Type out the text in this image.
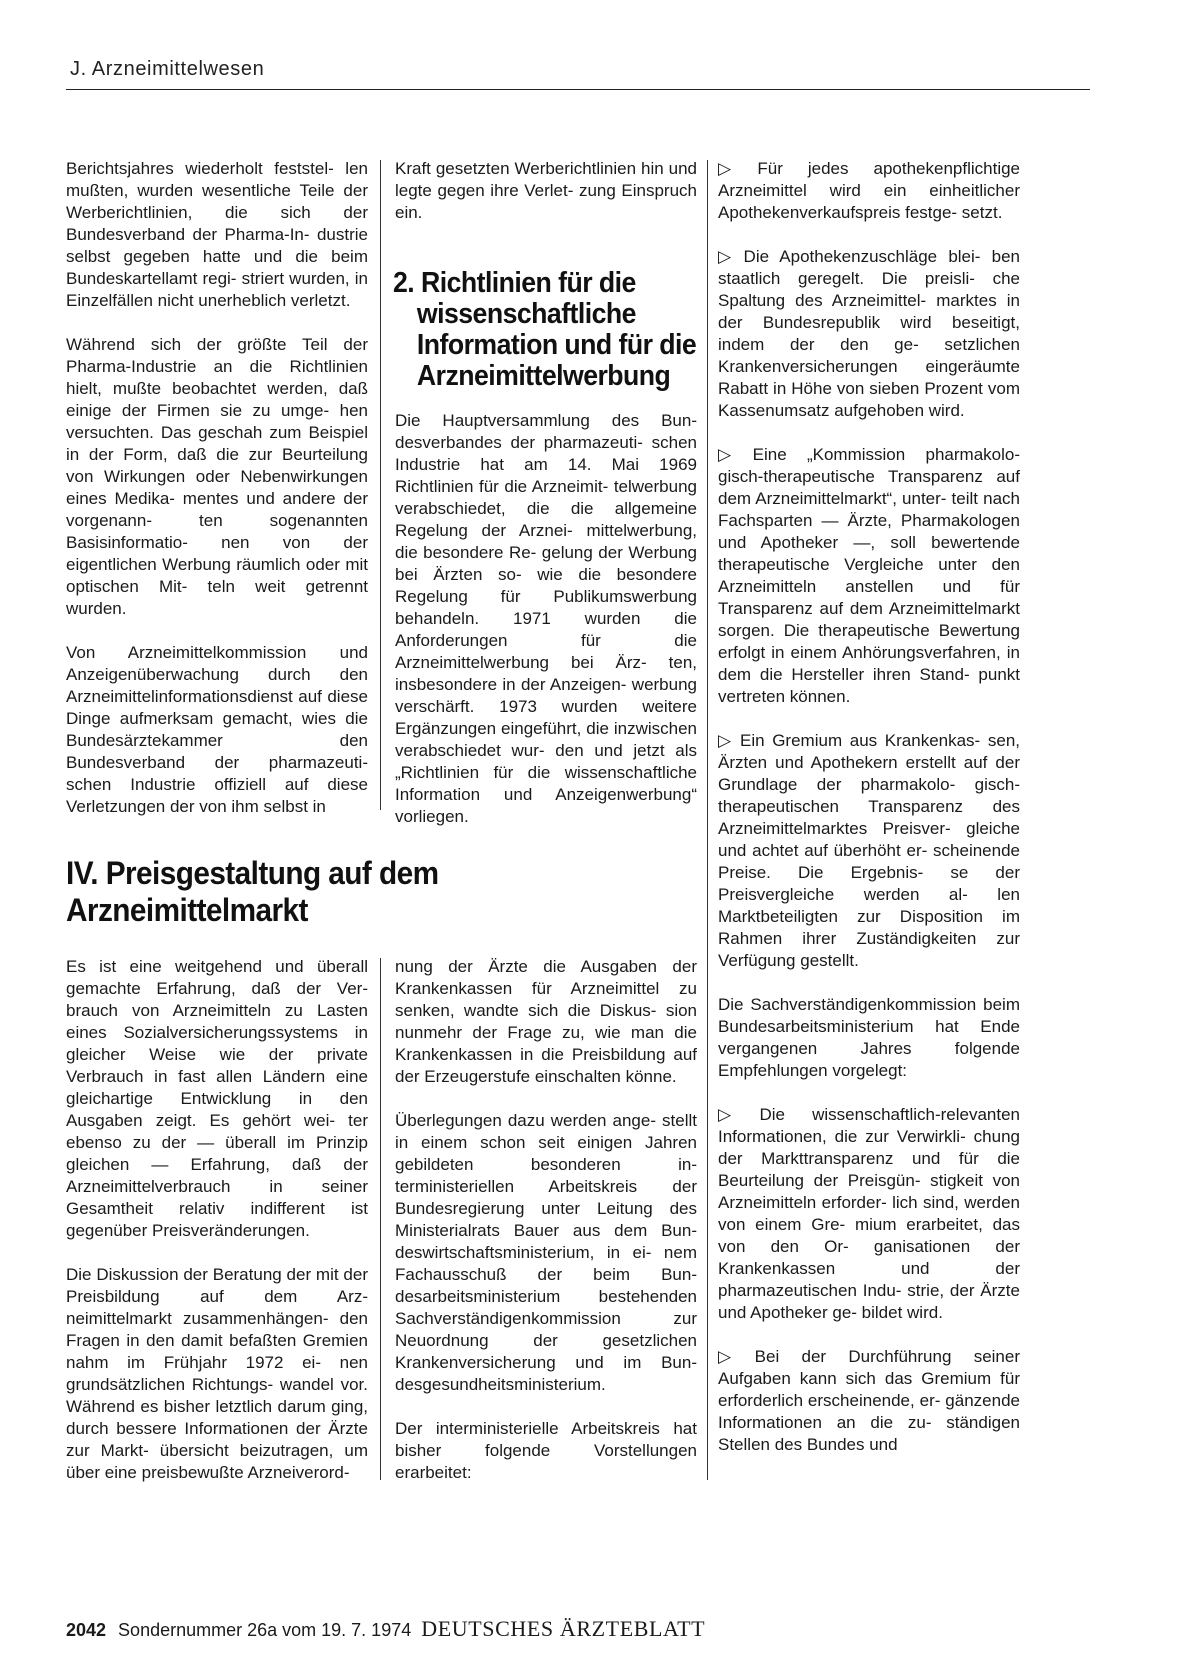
J. Arzneimittelwesen

Berichtsjahres wiederholt feststel- len mußten, wurden wesentliche Teile der Werberichtlinien, die sich der Bundesverband der Pharma-In- dustrie selbst gegeben hatte und die beim Bundeskartellamt regi- striert wurden, in Einzelfällen nicht unerheblich verletzt.

Während sich der größte Teil der Pharma-Industrie an die Richtlinien hielt, mußte beobachtet werden, daß einige der Firmen sie zu umge- hen versuchten. Das geschah zum Beispiel in der Form, daß die zur Beurteilung von Wirkungen oder Nebenwirkungen eines Medika- mentes und andere der vorgenann- ten sogenannten Basisinformatio- nen von der eigentlichen Werbung räumlich oder mit optischen Mit- teln weit getrennt wurden.

Von Arzneimittelkommission und Anzeigenüberwachung durch den Arzneimittelinformationsdienst auf diese Dinge aufmerksam gemacht, wies die Bundesärztekammer den Bundesverband der pharmazeuti- schen Industrie offiziell auf diese Verletzungen der von ihm selbst in

Kraft gesetzten Werberichtlinien hin und legte gegen ihre Verlet- zung Einspruch ein.

2. Richtlinien für die
wissenschaftliche
Information und für die
Arzneimittelwerbung

Die Hauptversammlung des Bun- desverbandes der pharmazeuti- schen Industrie hat am 14. Mai 1969 Richtlinien für die Arzneimit- telwerbung verabschiedet, die die allgemeine Regelung der Arznei- mittelwerbung, die besondere Re- gelung der Werbung bei Ärzten so- wie die besondere Regelung für Publikumswerbung behandeln. 1971 wurden die Anforderungen für die Arzneimittelwerbung bei Ärz- ten, insbesondere in der Anzeigen- werbung verschärft. 1973 wurden weitere Ergänzungen eingeführt, die inzwischen verabschiedet wur- den und jetzt als „Richtlinien für die wissenschaftliche Information und Anzeigenwerbung“ vorliegen.

IV. Preisgestaltung auf dem
Arzneimittelmarkt

Es ist eine weitgehend und überall gemachte Erfahrung, daß der Ver- brauch von Arzneimitteln zu Lasten eines Sozialversicherungssystems in gleicher Weise wie der private Verbrauch in fast allen Ländern eine gleichartige Entwicklung in den Ausgaben zeigt. Es gehört wei- ter ebenso zu der — überall im Prinzip gleichen — Erfahrung, daß der Arzneimittelverbrauch in seiner Gesamtheit relativ indifferent ist gegenüber Preisveränderungen.

Die Diskussion der Beratung der mit der Preisbildung auf dem Arz- neimittelmarkt zusammenhängen- den Fragen in den damit befaßten Gremien nahm im Frühjahr 1972 ei- nen grundsätzlichen Richtungs- wandel vor. Während es bisher letztlich darum ging, durch bessere Informationen der Ärzte zur Markt- übersicht beizutragen, um über eine preisbewußte Arzneiverord-

nung der Ärzte die Ausgaben der Krankenkassen für Arzneimittel zu senken, wandte sich die Diskus- sion nunmehr der Frage zu, wie man die Krankenkassen in die Preisbildung auf der Erzeugerstufe einschalten könne.

Überlegungen dazu werden ange- stellt in einem schon seit einigen Jahren gebildeten besonderen in- terministeriellen Arbeitskreis der Bundesregierung unter Leitung des Ministerialrats Bauer aus dem Bun- deswirtschaftsministerium, in ei- nem Fachausschuß der beim Bun- desarbeitsministerium bestehenden Sachverständigenkommission zur Neuordnung der gesetzlichen Krankenversicherung und im Bun- desgesundheitsministerium.

Der interministerielle Arbeitskreis hat bisher folgende Vorstellungen erarbeitet:

▷ Für jedes apothekenpflichtige Arzneimittel wird ein einheitlicher Apothekenverkaufspreis festge- setzt.

▷ Die Apothekenzuschläge blei- ben staatlich geregelt. Die preisli- che Spaltung des Arzneimittel- marktes in der Bundesrepublik wird beseitigt, indem der den ge- setzlichen Krankenversicherungen eingeräumte Rabatt in Höhe von sieben Prozent vom Kassenumsatz aufgehoben wird.

▷ Eine „Kommission pharmakolo- gisch-therapeutische Transparenz auf dem Arzneimittelmarkt“, unter- teilt nach Fachsparten — Ärzte, Pharmakologen und Apotheker —, soll bewertende therapeutische Vergleiche unter den Arzneimitteln anstellen und für Transparenz auf dem Arzneimittelmarkt sorgen. Die therapeutische Bewertung erfolgt in einem Anhörungsverfahren, in dem die Hersteller ihren Stand- punkt vertreten können.

▷ Ein Gremium aus Krankenkas- sen, Ärzten und Apothekern erstellt auf der Grundlage der pharmakolo- gisch-therapeutischen Transparenz des Arzneimittelmarktes Preisver- gleiche und achtet auf überhöht er- scheinende Preise. Die Ergebnis- se der Preisvergleiche werden al- len Marktbeteiligten zur Disposition im Rahmen ihrer Zuständigkeiten zur Verfügung gestellt.

Die Sachverständigenkommission beim Bundesarbeitsministerium hat Ende vergangenen Jahres folgende Empfehlungen vorgelegt:

▷ Die wissenschaftlich-relevanten Informationen, die zur Verwirkli- chung der Markttransparenz und für die Beurteilung der Preisgün- stigkeit von Arzneimitteln erforder- lich sind, werden von einem Gre- mium erarbeitet, das von den Or- ganisationen der Krankenkassen und der pharmazeutischen Indu- strie, der Ärzte und Apotheker ge- bildet wird.

▷ Bei der Durchführung seiner Aufgaben kann sich das Gremium für erforderlich erscheinende, er- gänzende Informationen an die zu- ständigen Stellen des Bundes und

2042 Sondernummer 26a vom 19. 7. 1974 DEUTSCHES ÄRZTEBLATT
